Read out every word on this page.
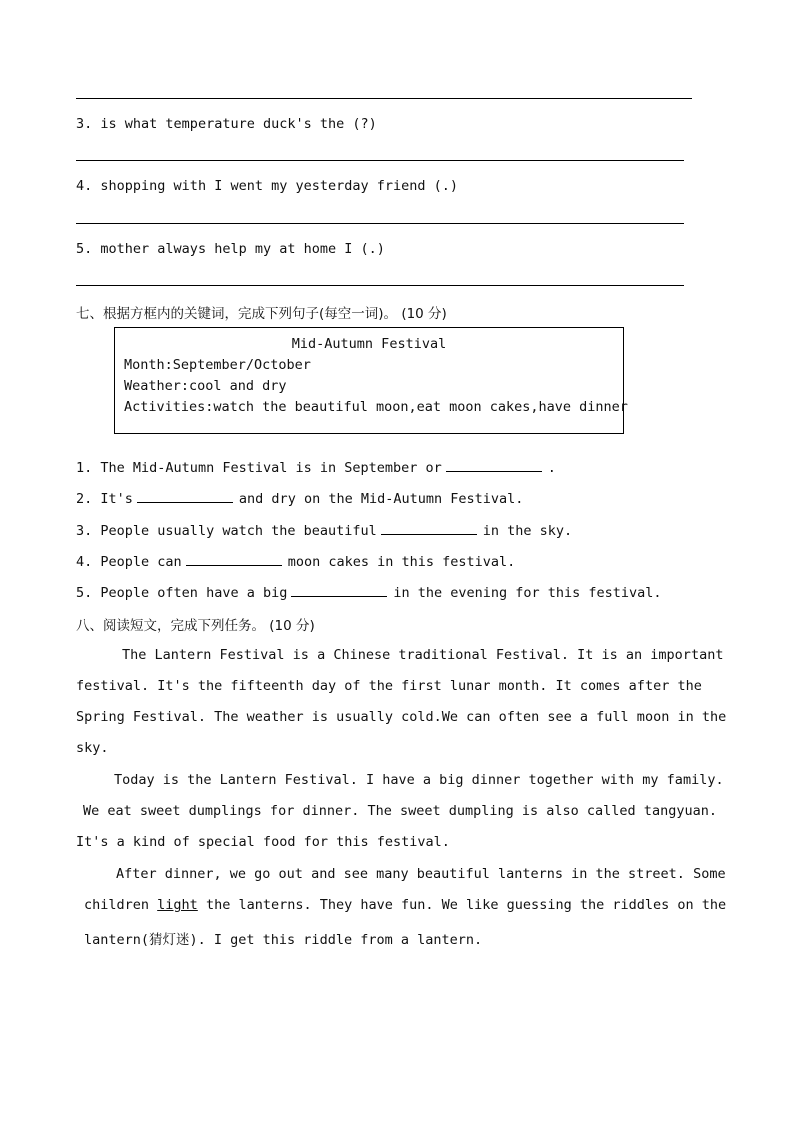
3. is what temperature duck's the (?)
4. shopping with I went my yesterday friend (.)
5. mother always help my at home I (.)
七、根据方框内的关键词，完成下列句子(每空一词)。 (10 分)
Mid-Autumn Festival
Month:September/October
Weather:cool and dry
Activities:watch the beautiful moon,eat moon cakes,have dinner
1. The Mid-Autumn Festival is in September or	.
2. It's	and dry on the Mid-Autumn Festival.
3. People usually watch the beautiful	in the sky.
4. People can	moon cakes in this festival.
5. People often have a big	in the evening for this festival.
八、阅读短文，完成下列任务。 (10 分)
The Lantern Festival is a Chinese traditional Festival. It is an important
festival. It's the fifteenth day of the first lunar month. It comes after the
Spring Festival. The weather is usually cold.We can often see a full moon in the
sky.
Today is the Lantern Festival. I have a big dinner together with my family.
We eat sweet dumplings for dinner. The sweet dumpling is also called tangyuan.
It's a kind of special food for this festival.
After dinner, we go out and see many beautiful lanterns in the street. Some
children light the lanterns. They have fun. We like guessing the riddles on the
lantern(猜灯迷). I get this riddle from a lantern.
